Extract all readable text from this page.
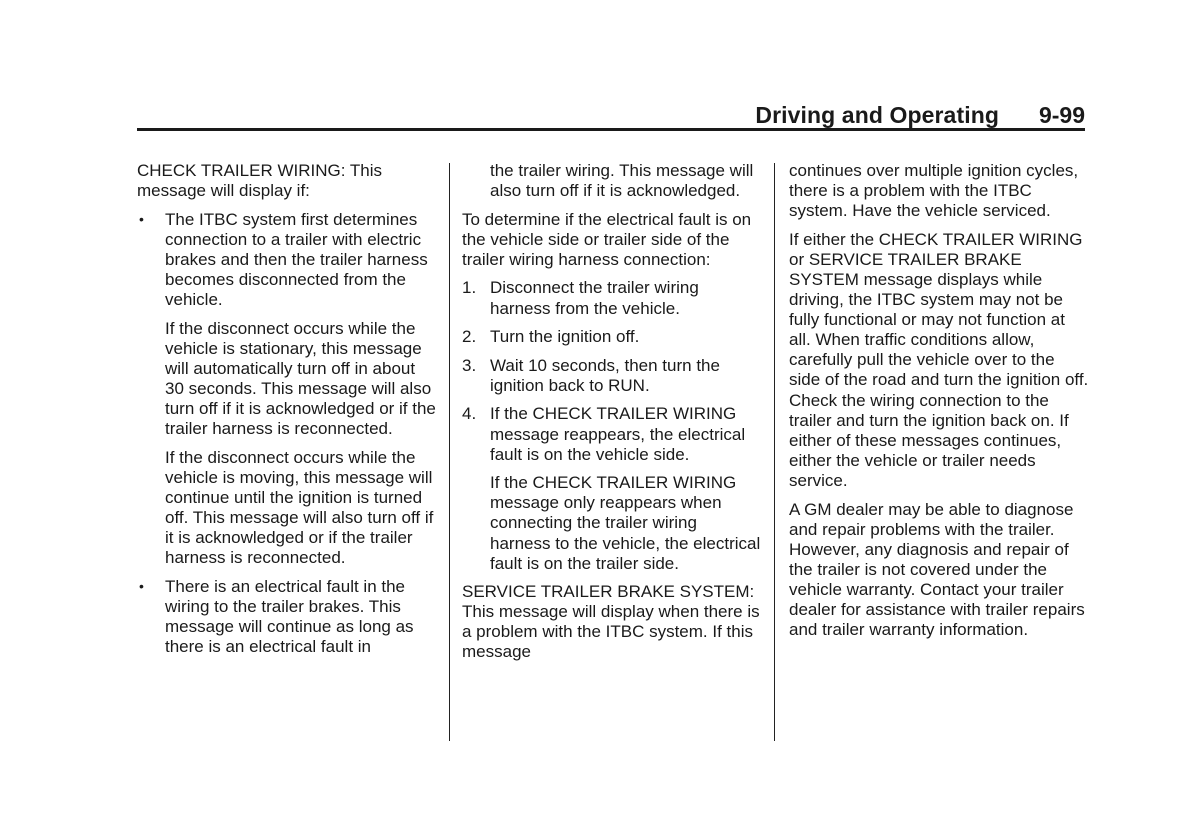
Driving and Operating 9-99

CHECK TRAILER WIRING: This message will display if:

• The ITBC system first determines connection to a trailer with electric brakes and then the trailer harness becomes disconnected from the vehicle.

If the disconnect occurs while the vehicle is stationary, this message will automatically turn off in about 30 seconds. This message will also turn off if it is acknowledged or if the trailer harness is reconnected.

If the disconnect occurs while the vehicle is moving, this message will continue until the ignition is turned off. This message will also turn off if it is acknowledged or if the trailer harness is reconnected.

• There is an electrical fault in the wiring to the trailer brakes. This message will continue as long as there is an electrical fault in

the trailer wiring. This message will also turn off if it is acknowledged.

To determine if the electrical fault is on the vehicle side or trailer side of the trailer wiring harness connection:

1. Disconnect the trailer wiring harness from the vehicle.
2. Turn the ignition off.
3. Wait 10 seconds, then turn the ignition back to RUN.
4. If the CHECK TRAILER WIRING message reappears, the electrical fault is on the vehicle side.

If the CHECK TRAILER WIRING message only reappears when connecting the trailer wiring harness to the vehicle, the electrical fault is on the trailer side.

SERVICE TRAILER BRAKE SYSTEM: This message will display when there is a problem with the ITBC system. If this message

continues over multiple ignition cycles, there is a problem with the ITBC system. Have the vehicle serviced.

If either the CHECK TRAILER WIRING or SERVICE TRAILER BRAKE SYSTEM message displays while driving, the ITBC system may not be fully functional or may not function at all. When traffic conditions allow, carefully pull the vehicle over to the side of the road and turn the ignition off. Check the wiring connection to the trailer and turn the ignition back on. If either of these messages continues, either the vehicle or trailer needs service.

A GM dealer may be able to diagnose and repair problems with the trailer. However, any diagnosis and repair of the trailer is not covered under the vehicle warranty. Contact your trailer dealer for assistance with trailer repairs and trailer warranty information.
